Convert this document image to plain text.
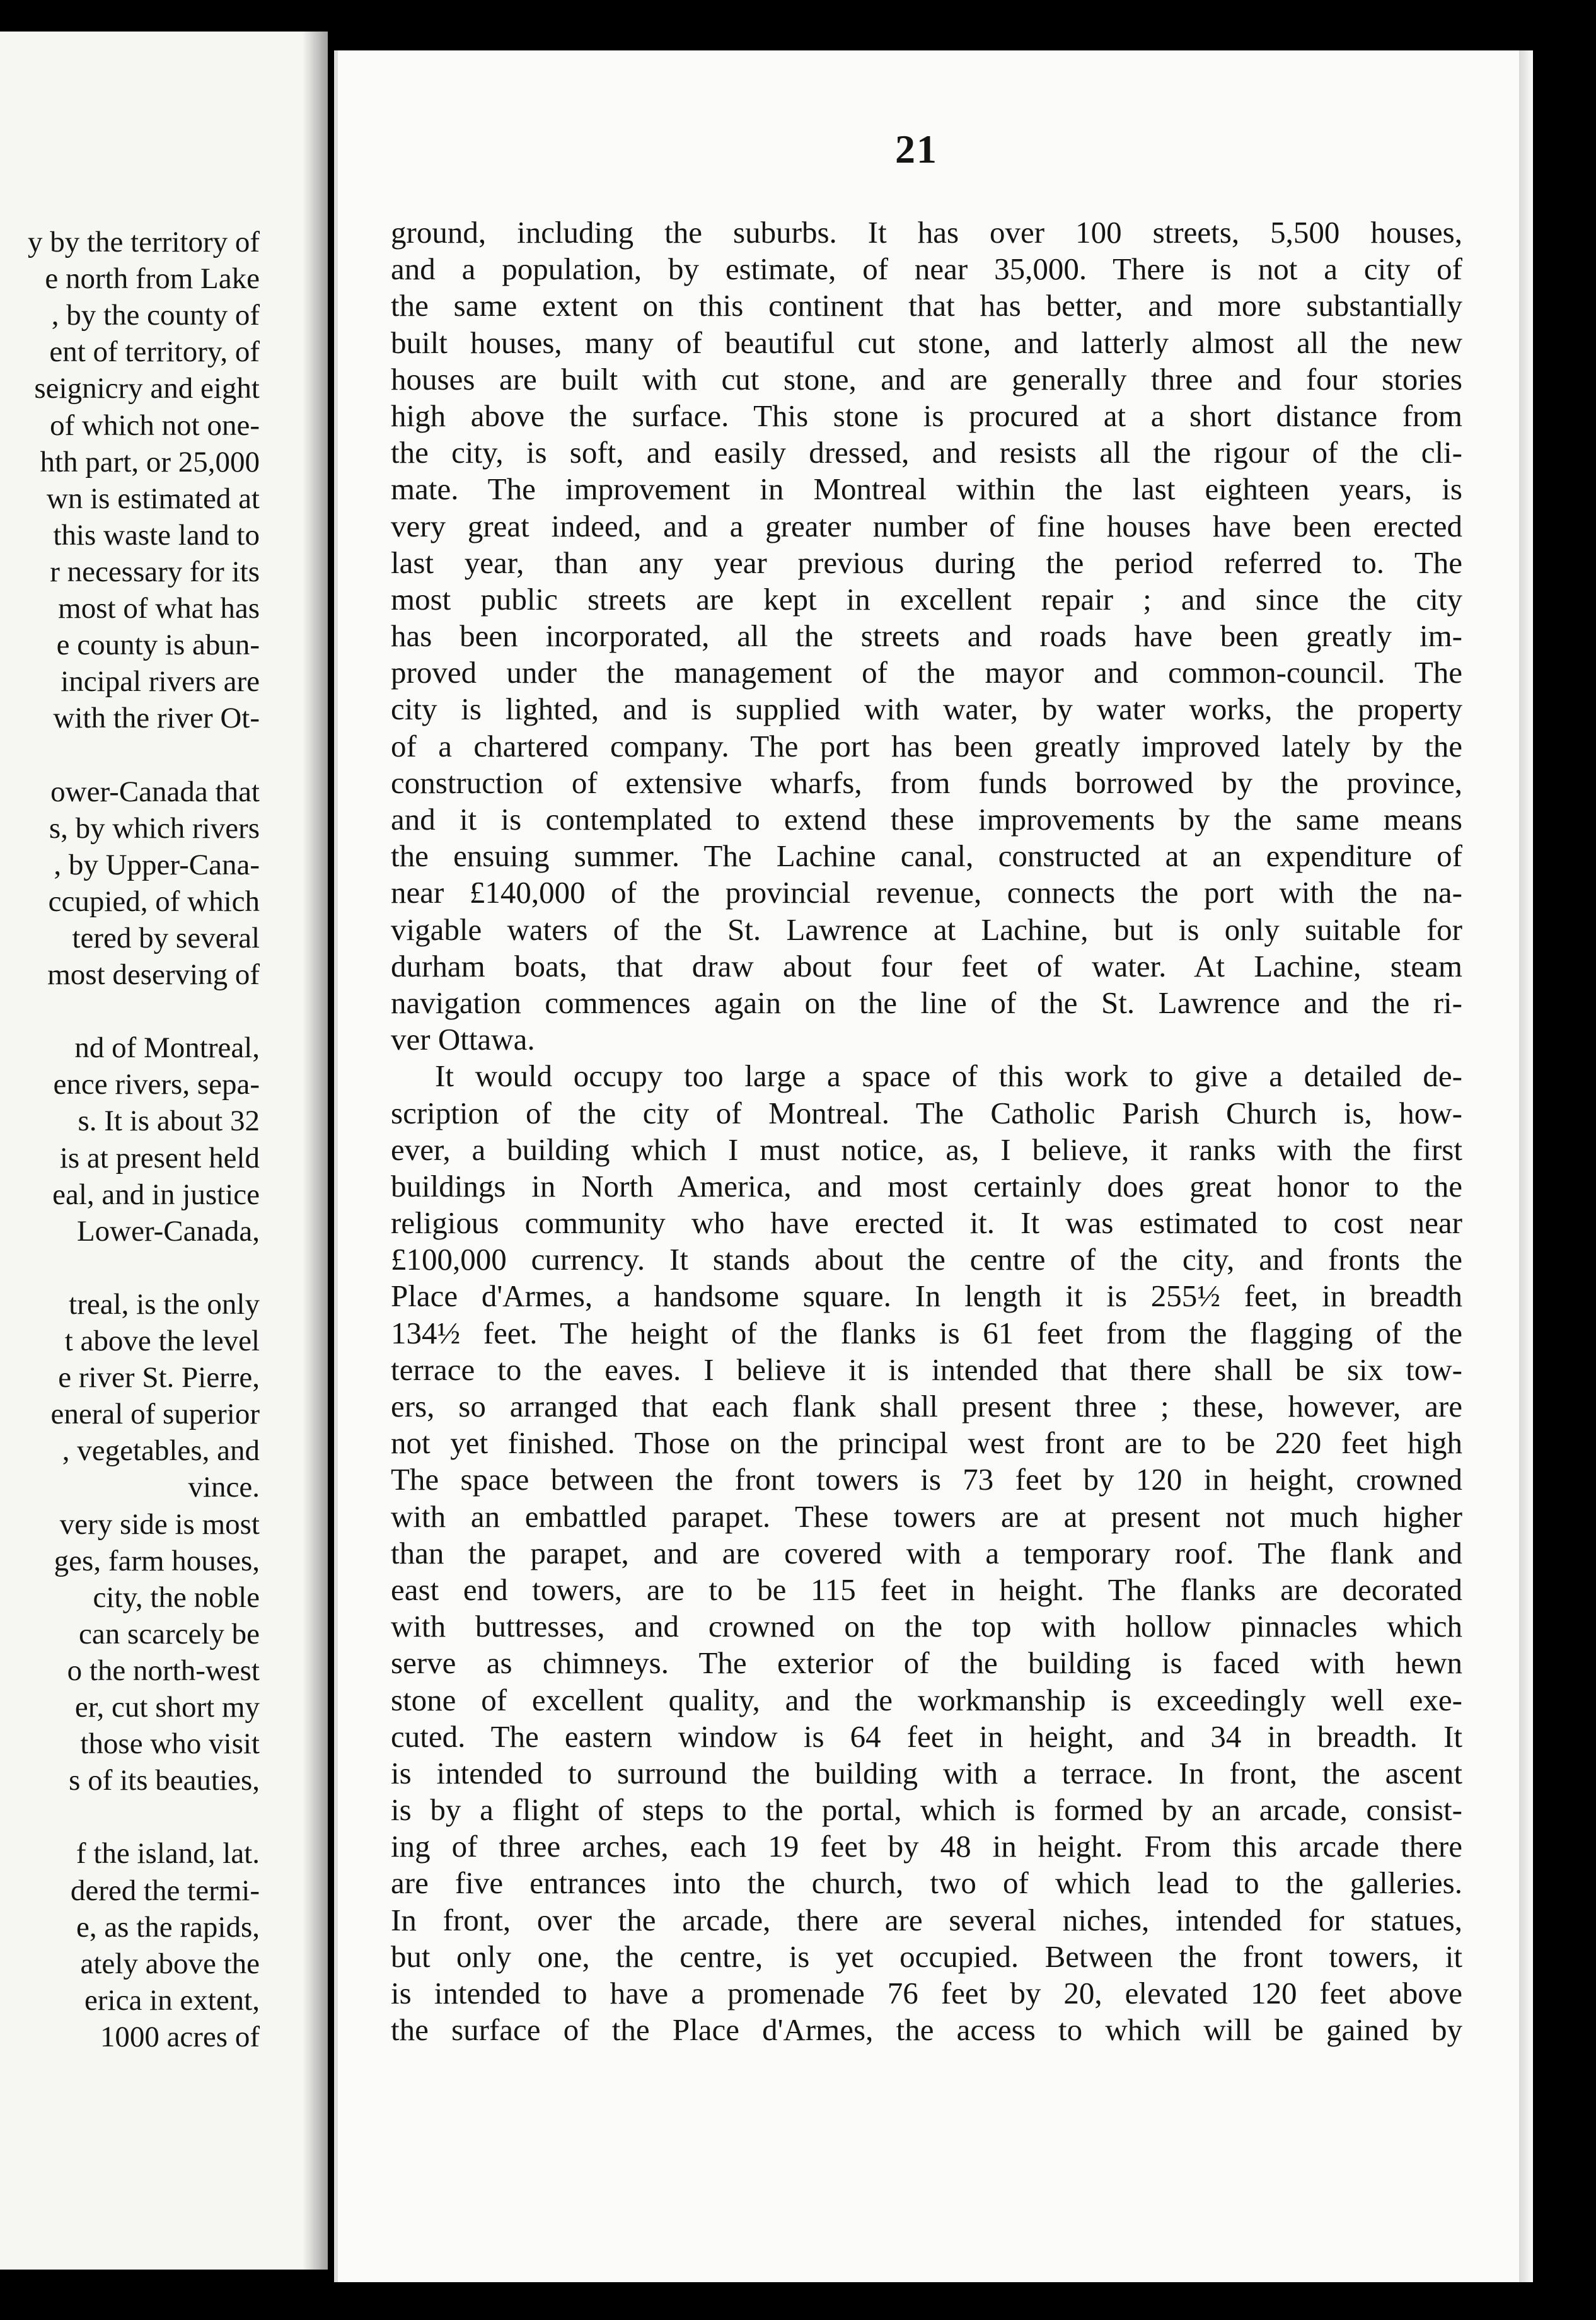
y by the territory of
e north from Lake
, by the county of
ent of territory, of
seignicry and eight
of which not one-
hth part, or 25,000
wn is estimated at
this waste land to
r necessary for its
most of what has
e county is abun-
incipal rivers are
with the river Ot-
ower-Canada that
s, by which rivers
, by Upper-Cana-
ccupied, of which
tered by several
most deserving of
nd of Montreal,
ence rivers, sepa-
s. It is about 32
is at present held
eal, and in justice
Lower-Canada,
treal, is the only
t above the level
e river St. Pierre,
eneral of superior
, vegetables, and
vince.
very side is most
ges, farm houses,
city, the noble
can scarcely be
o the north-west
er, cut short my
those who visit
s of its beauties,
f the island, lat.
dered the termi-
e, as the rapids,
ately above the
erica in extent,
1000 acres of
21
ground, including the suburbs. It has over 100 streets, 5,500 houses,
and a population, by estimate, of near 35,000. There is not a city of
the same extent on this continent that has better, and more substantially
built houses, many of beautiful cut stone, and latterly almost all the new
houses are built with cut stone, and are generally three and four stories
high above the surface. This stone is procured at a short distance from
the city, is soft, and easily dressed, and resists all the rigour of the cli-
mate. The improvement in Montreal within the last eighteen years, is
very great indeed, and a greater number of fine houses have been erected
last year, than any year previous during the period referred to. The
most public streets are kept in excellent repair ; and since the city
has been incorporated, all the streets and roads have been greatly im-
proved under the management of the mayor and common-council. The
city is lighted, and is supplied with water, by water works, the property
of a chartered company. The port has been greatly improved lately by the
construction of extensive wharfs, from funds borrowed by the province,
and it is contemplated to extend these improvements by the same means
the ensuing summer. The Lachine canal, constructed at an expenditure of
near £140,000 of the provincial revenue, connects the port with the na-
vigable waters of the St. Lawrence at Lachine, but is only suitable for
durham boats, that draw about four feet of water. At Lachine, steam
navigation commences again on the line of the St. Lawrence and the ri-
ver Ottawa.
It would occupy too large a space of this work to give a detailed de-
scription of the city of Montreal. The Catholic Parish Church is, how-
ever, a building which I must notice, as, I believe, it ranks with the first
buildings in North America, and most certainly does great honor to the
religious community who have erected it. It was estimated to cost near
£100,000 currency. It stands about the centre of the city, and fronts the
Place d'Armes, a handsome square. In length it is 255½ feet, in breadth
134½ feet. The height of the flanks is 61 feet from the flagging of the
terrace to the eaves. I believe it is intended that there shall be six tow-
ers, so arranged that each flank shall present three ; these, however, are
not yet finished. Those on the principal west front are to be 220 feet high
The space between the front towers is 73 feet by 120 in height, crowned
with an embattled parapet. These towers are at present not much higher
than the parapet, and are covered with a temporary roof. The flank and
east end towers, are to be 115 feet in height. The flanks are decorated
with buttresses, and crowned on the top with hollow pinnacles which
serve as chimneys. The exterior of the building is faced with hewn
stone of excellent quality, and the workmanship is exceedingly well exe-
cuted. The eastern window is 64 feet in height, and 34 in breadth. It
is intended to surround the building with a terrace. In front, the ascent
is by a flight of steps to the portal, which is formed by an arcade, consist-
ing of three arches, each 19 feet by 48 in height. From this arcade there
are five entrances into the church, two of which lead to the galleries.
In front, over the arcade, there are several niches, intended for statues,
but only one, the centre, is yet occupied. Between the front towers, it
is intended to have a promenade 76 feet by 20, elevated 120 feet above
the surface of the Place d'Armes, the access to which will be gained by
